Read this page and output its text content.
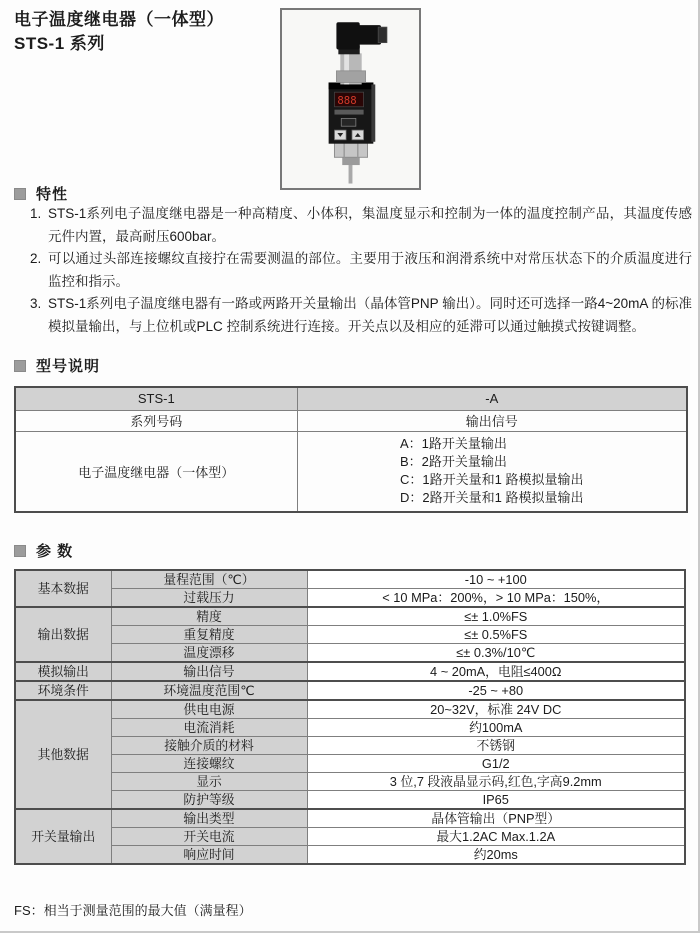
电子温度继电器（一体型）
STS-1 系列
888
特性
1. STS-1系列电子温度继电器是一种高精度、小体积，集温度显示和控制为一体的温度控制产品，其温度传感元件内置，最高耐压600bar。
2. 可以通过头部连接螺纹直接拧在需要测温的部位。主要用于液压和润滑系统中对常压状态下的介质温度进行监控和指示。
3. STS-1系列电子温度继电器有一路或两路开关量输出（晶体管PNP 输出）。同时还可选择一路4~20mA 的标准模拟量输出，与上位机或PLC 控制系统进行连接。开关点以及相应的延滞可以通过触摸式按键调整。
型号说明
STS-1	-A
系列号码	输出信号
电子温度继电器（一体型）	A：1路开关量输出
B：2路开关量输出
C：1路开关量和1 路模拟量输出
D：2路开关量和1 路模拟量输出
参 数
基本数据	量程范围（℃）	-10 ~ +100
	过载压力	< 10 MPa：200%，> 10 MPa：150%，
输出数据	精度	≤± 1.0%FS
	重复精度	≤± 0.5%FS
	温度漂移	≤± 0.3%/10℃
模拟输出	输出信号	4 ~ 20mA，电阻≤400Ω
环境条件	环境温度范围℃	-25 ~ +80
其他数据	供电电源	20~32V，标准 24V DC
	电流消耗	约100mA
	接触介质的材料	不锈钢
	连接螺纹	G1/2
	显示	3 位,7 段液晶显示码,红色,字高9.2mm
	防护等级	IP65
开关量输出	输出类型	晶体管输出（PNP型）
	开关电流	最大1.2AC Max.1.2A
	响应时间	约20ms
FS：相当于测量范围的最大值（满量程）
